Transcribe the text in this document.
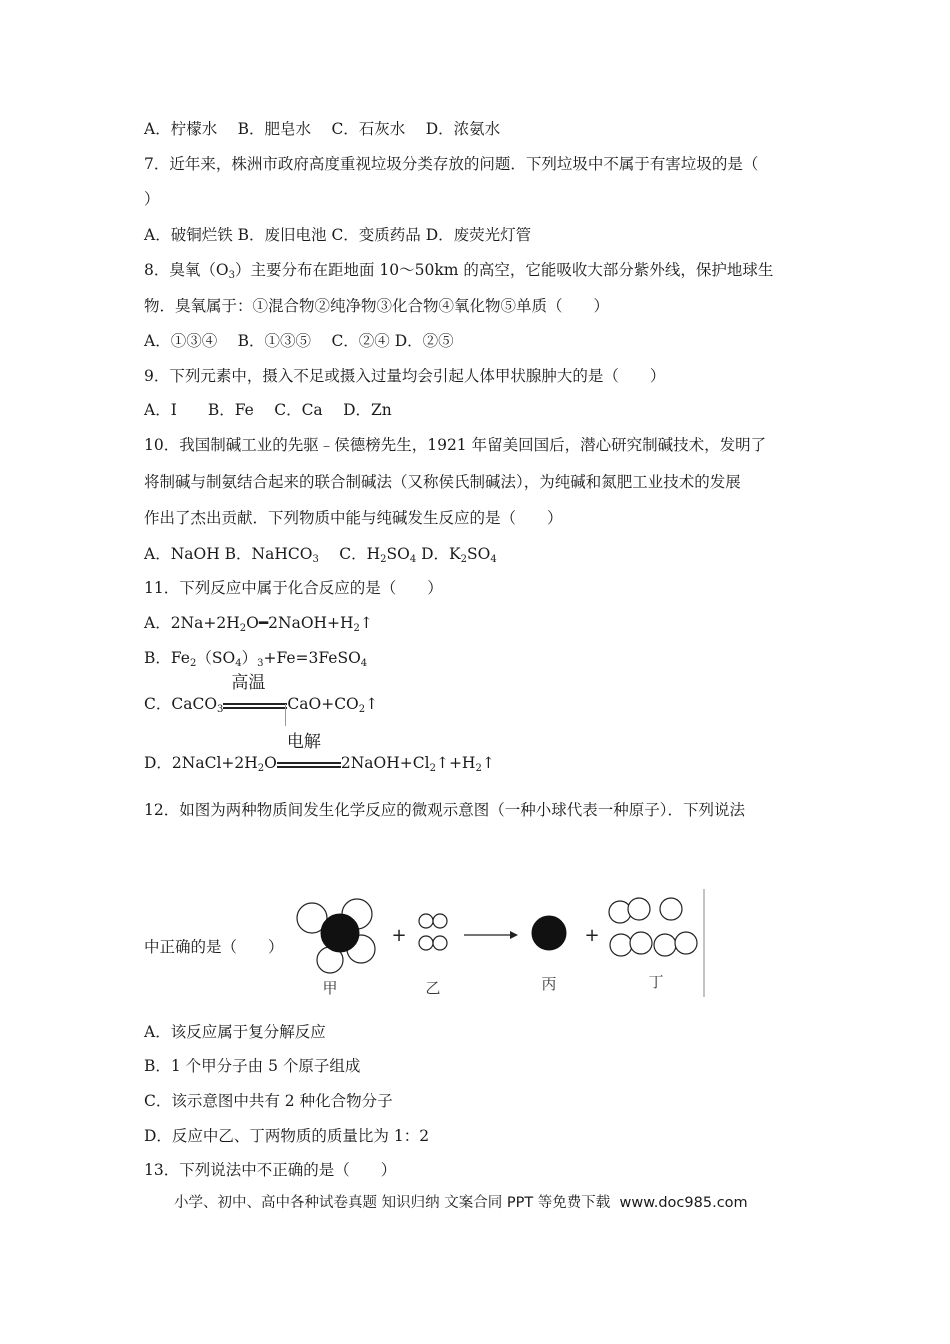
A．柠檬水　 B．肥皂水　 C．石灰水　 D．浓氨水
7．近年来，株洲市政府高度重视垃圾分类存放的问题．下列垃圾中不属于有害垃圾的是（
）
A．破铜烂铁 B．废旧电池 C．变质药品 D．废荧光灯管
8．臭氧$(O_3)$主要分布在距地面 10～50km 的高空，它能吸收大部分紫外线，保护地球生
物．臭氧属于：①混合物②纯净物③化合物④氧化物⑤单质（　　）
A．①③④　 B．①③⑤　 C．②④ D．②⑤
9．下列元素中，摄入不足或摄入过量均会引起人体甲状腺肿大的是（　　）
A．I　　B．Fe　 C．Ca　 D．Zn
10．我国制碱工业的先驱﹣侯德榜先生，1921 年留美回国后，潜心研究制碱技术，发明了
将制碱与制氨结合起来的联合制碱法（又称侯氏制碱法），为纯碱和氮肥工业技术的发展
作出了杰出贡献．下列物质中能与纯碱发生反应的是（　　）
A．NaOH B．NaHCO$_3$　 C．$H_2SO_4$ D．$K_2SO_4$
11．下列反应中属于化合反应的是（　　）
A．$2Na+2H_2O━2NaOH+H_2↑$
B．$Fe_2(SO_4)_3+Fe=3FeSO_4$
C．CaCO$_3$
高温
$CaO+CO_2↑$
D．$2NaCl+2H_2O$
电解
$2NaOH+Cl_2↑+H_2↑$
12．如图为两种物质间发生化学反应的微观示意图（一种小球代表一种原子）．下列说法
中正确的是（　　）
甲
+
乙	丙
+
丁
A．该反应属于复分解反应
B．1 个甲分子由 5 个原子组成
C．该示意图中共有 2 种化合物分子
D．反应中乙、丁两物质的质量比为 1：2
13．下列说法中不正确的是（　　）
小学、初中、高中各种试卷真题 知识归纳 文案合同 PPT 等免费下载 www.doc985.com
